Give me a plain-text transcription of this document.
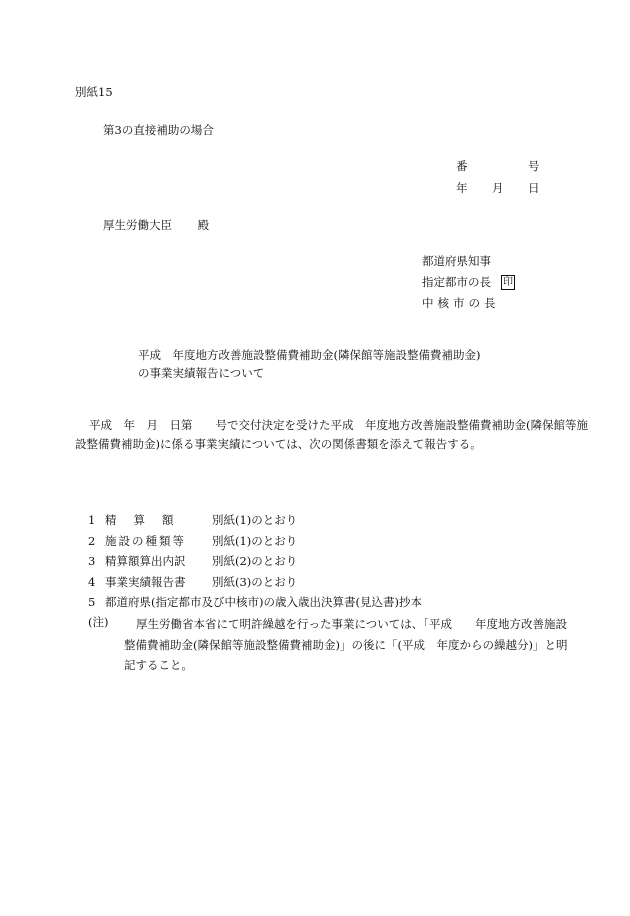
別紙15
第3の直接補助の場合
番	号
年 月 日
厚生労働大臣 殿
都道府県知事
指定都市の長 印
中核市の長
平成　年度地方改善施設整備費補助金(隣保館等施設整備費補助金)
の事業実績報告について
平成　年　月　日第　　号で交付決定を受けた平成　年度地方改善施設整備費補助金(隣保館等施設整備費補助金)に係る事業実績については、次の関係書類を添えて報告する。
1 精算額 別紙(1)のとおり
2 施設の種類等 別紙(1)のとおり
3 精算額算出内訳 別紙(2)のとおり
4 事業実績報告書 別紙(3)のとおり
5 都道府県(指定都市及び中核市)の歳入歳出決算書(見込書)抄本
(注)	厚生労働省本省にて明許繰越を行った事業については、「平成　　年度地方改善施設整備費補助金(隣保館等施設整備費補助金)」の後に「(平成　年度からの繰越分)」と明記すること。
